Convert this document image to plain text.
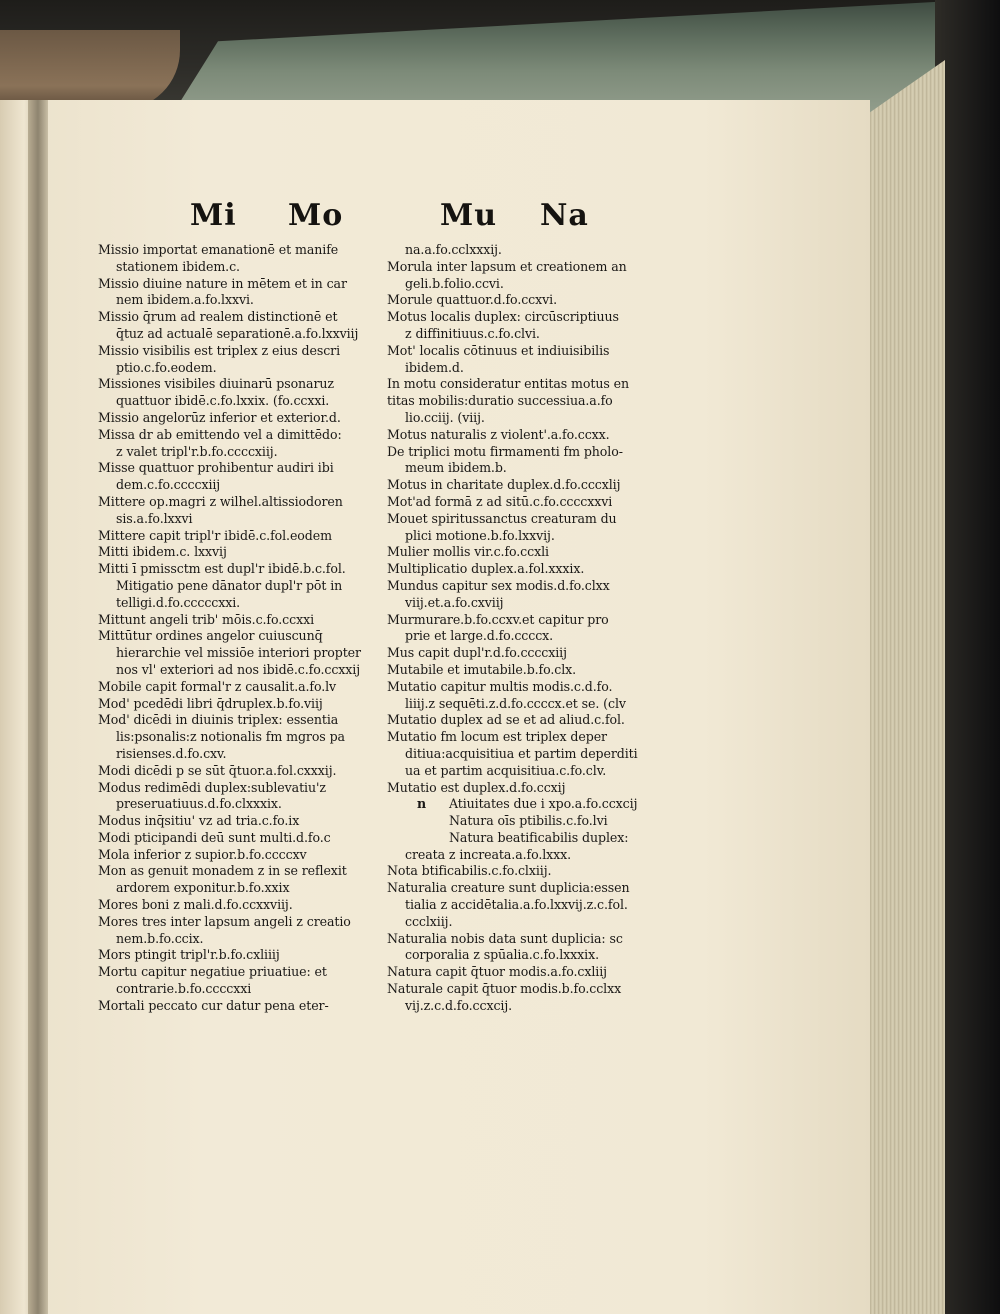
Mi Mo	Mu Na
Missio importat emanationē et manife
stationem ibidem.c.
Missio diuine nature in mētem et in car
nem ibidem.a.fo.lxxvi.
Missio q̄rum ad realem distinctionē et
q̄tuz ad actualē separationē.a.fo.lxxviij
Missio visibilis est triplex z eius descri
ptio.c.fo.eodem.
Missiones visibiles diuinarū psonaruz
quattuor ibidē.c.fo.lxxix. (fo.ccxxi.
Missio angelorūz inferior et exterior.d.
Missa dr ab emittendo vel a dimittēdo:
z valet tripl'r.b.fo.ccccxiij.
Misse quattuor prohibentur audiri ibi
dem.c.fo.ccccxiij
Mittere op.magri z wilhel.altissiodoren
sis.a.fo.lxxvi
Mittere capit tripl'r ibidē.c.fol.eodem
Mitti ibidem.c. lxxvij
Mitti ī pmissctm est dupl'r ibidē.b.c.fol.
Mitigatio pene dānator dupl'r pōt in
telligi.d.fo.cccccxxi.
Mittunt angeli trib' mōis.c.fo.ccxxi
Mittūtur ordines angelor cuiuscunq̄
hierarchie vel missiōe interiori propter
nos vl' exteriori ad nos ibidē.c.fo.ccxxij
Mobile capit formal'r z causalit.a.fo.lv
Mod' pcedēdi libri q̄druplex.b.fo.viij
Mod' dicēdi in diuinis triplex: essentia
lis:psonalis:z notionalis fm mgros pa
risienses.d.fo.cxv.
Modi dicēdi p se sūt q̄tuor.a.fol.cxxxij.
Modus redimēdi duplex:sublevatiu'z
preseruatiuus.d.fo.clxxxix.
Modus inq̄sitiu' vz ad tria.c.fo.ix
Modi pticipandi deū sunt multi.d.fo.c
Mola inferior z supior.b.fo.ccccxv
Mon as genuit monadem z in se reflexit
ardorem exponitur.b.fo.xxix
Mores boni z mali.d.fo.ccxxviij.
Mores tres inter lapsum angeli z creatio
nem.b.fo.ccix.
Mors ptingit tripl'r.b.fo.cxliiij
Mortu capitur negatiue priuatiue: et
contrarie.b.fo.ccccxxi
Mortali peccato cur datur pena eter-
na.a.fo.cclxxxij.
Morula inter lapsum et creationem an
geli.b.folio.ccvi.
Morule quattuor.d.fo.ccxvi.
Motus localis duplex: circūscriptiuus
z diffinitiuus.c.fo.clvi.
Mot' localis cōtinuus et indiuisibilis
ibidem.d.
In motu consideratur entitas motus en
titas mobilis:duratio successiua.a.fo
lio.cciij. (viij.
Motus naturalis z violent'.a.fo.ccxx.
De triplici motu firmamenti fm pholo-
meum ibidem.b.
Motus in charitate duplex.d.fo.cccxlij
Mot'ad formā z ad sitū.c.fo.ccccxxvi
Mouet spiritussanctus creaturam du
plici motione.b.fo.lxxvij.
Mulier mollis vir.c.fo.ccxli
Multiplicatio duplex.a.fol.xxxix.
Mundus capitur sex modis.d.fo.clxx
viij.et.a.fo.cxviij
Murmurare.b.fo.ccxv.et capitur pro
prie et large.d.fo.ccccx.
Mus capit dupl'r.d.fo.ccccxiij
Mutabile et imutabile.b.fo.clx.
Mutatio capitur multis modis.c.d.fo.
liiij.z sequēti.z.d.fo.ccccx.et se. (clv
Mutatio duplex ad se et ad aliud.c.fol.
Mutatio fm locum est triplex deper
ditiua:acquisitiua et partim deperditi
ua et partim acquisitiua.c.fo.clv.
Mutatio est duplex.d.fo.ccxij
n Atiuitates due i xpo.a.fo.ccxcij
Natura oīs ptibilis.c.fo.lvi
Natura beatificabilis duplex:
creata z increata.a.fo.lxxx.
Nota btificabilis.c.fo.clxiij.
Naturalia creature sunt duplicia:essen
tialia z accidētalia.a.fo.lxxvij.z.c.fol.
ccclxiij.
Naturalia nobis data sunt duplicia: sc
corporalia z spūalia.c.fo.lxxxix.
Natura capit q̄tuor modis.a.fo.cxliij
Naturale capit q̄tuor modis.b.fo.cclxx
vij.z.c.d.fo.ccxcij.
